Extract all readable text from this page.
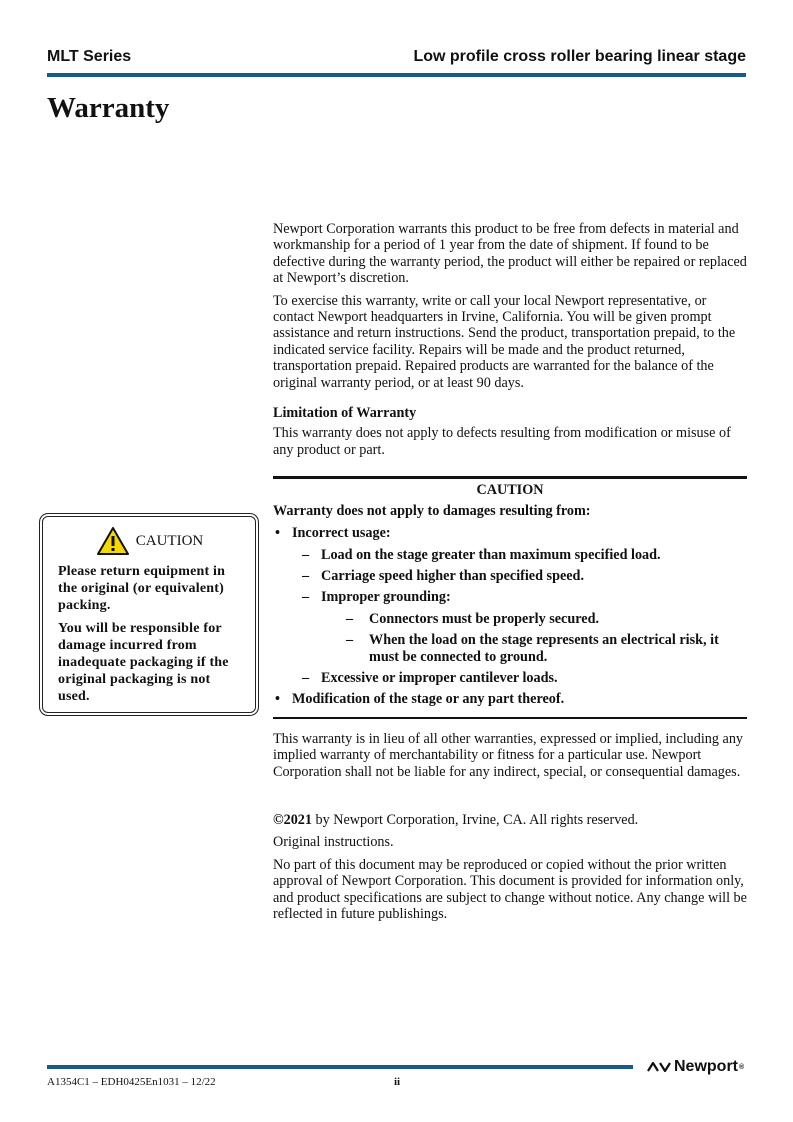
MLT Series	Low profile cross roller bearing linear stage
Warranty

Newport Corporation warrants this product to be free from defects in material and workmanship for a period of 1 year from the date of shipment. If found to be defective during the warranty period, the product will either be repaired or replaced at Newport’s discretion.

To exercise this warranty, write or call your local Newport representative, or contact Newport headquarters in Irvine, California. You will be given prompt assistance and return instructions. Send the product, transportation prepaid, to the indicated service facility. Repairs will be made and the product returned, transportation prepaid. Repaired products are warranted for the balance of the original warranty period, or at least 90 days.

Limitation of Warranty

This warranty does not apply to defects resulting from modification or misuse of any product or part.

CAUTION
Warranty does not apply to damages resulting from:
• Incorrect usage:
– Load on the stage greater than maximum specified load.
– Carriage speed higher than specified speed.
– Improper grounding:
– Connectors must be properly secured.
– When the load on the stage represents an electrical risk, it must be connected to ground.
– Excessive or improper cantilever loads.
• Modification of the stage or any part thereof.

This warranty is in lieu of all other warranties, expressed or implied, including any implied warranty of merchantability or fitness for a particular use. Newport Corporation shall not be liable for any indirect, special, or consequential damages.

©2021 by Newport Corporation, Irvine, CA. All rights reserved.

Original instructions.

No part of this document may be reproduced or copied without the prior written approval of Newport Corporation. This document is provided for information only, and product specifications are subject to change without notice. Any change will be reflected in future publishings.

CAUTION

Please return equipment in the original (or equivalent) packing.

You will be responsible for damage incurred from inadequate packaging if the original packaging is not used.

Newport ®
A1354C1 – EDH0425En1031 – 12/22	ii
